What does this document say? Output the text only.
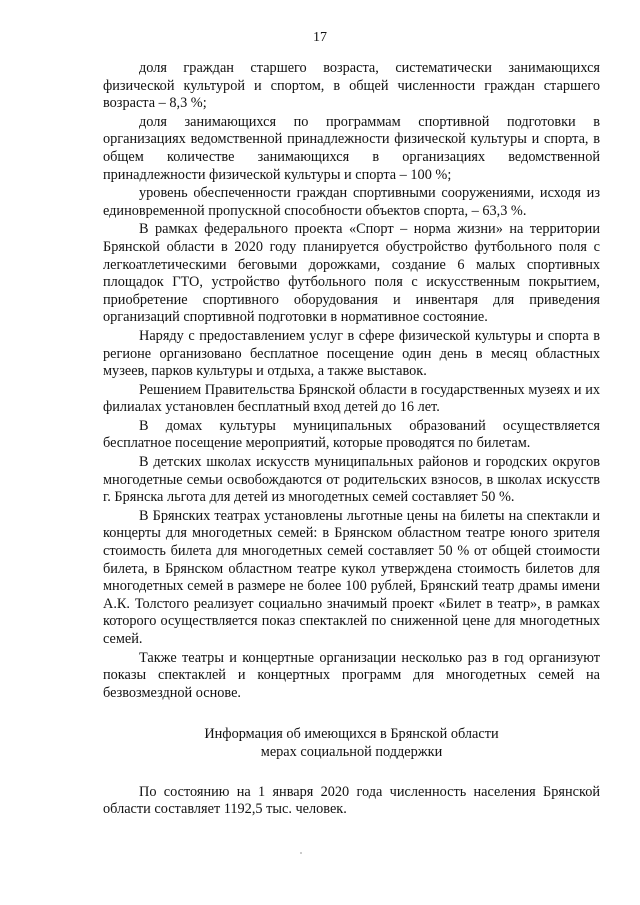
17

доля граждан старшего возраста, систематически занимающихся физической культурой и спортом, в общей численности граждан старшего возраста – 8,3 %;

доля занимающихся по программам спортивной подготовки в организациях ведомственной принадлежности физической культуры и спорта, в общем количестве занимающихся в организациях ведомственной принадлежности физической культуры и спорта – 100 %;

уровень обеспеченности граждан спортивными сооружениями, исходя из единовременной пропускной способности объектов спорта, – 63,3 %.

В рамках федерального проекта «Спорт – норма жизни» на территории Брянской области в 2020 году планируется обустройство футбольного поля с легкоатлетическими беговыми дорожками, создание 6 малых спортивных площадок ГТО, устройство футбольного поля с искусственным покрытием, приобретение спортивного оборудования и инвентаря для приведения организаций спортивной подготовки в нормативное состояние.

Наряду с предоставлением услуг в сфере физической культуры и спорта в регионе организовано бесплатное посещение один день в месяц областных музеев, парков культуры и отдыха, а также выставок.

Решением Правительства Брянской области в государственных музеях и их филиалах установлен бесплатный вход детей до 16 лет.

В домах культуры муниципальных образований осуществляется бесплатное посещение мероприятий, которые проводятся по билетам.

В детских школах искусств муниципальных районов и городских округов многодетные семьи освобождаются от родительских взносов, в школах искусств г. Брянска льгота для детей из многодетных семей составляет 50 %.

В Брянских театрах установлены льготные цены на билеты на спектакли и концерты для многодетных семей: в Брянском областном театре юного зрителя стоимость билета для многодетных семей составляет 50 % от общей стоимости билета, в Брянском областном театре кукол утверждена стоимость билетов для многодетных семей в размере не более 100 рублей, Брянский театр драмы имени А.К. Толстого реализует социально значимый проект «Билет в театр», в рамках которого осуществляется показ спектаклей по сниженной цене для многодетных семей.

Также театры и концертные организации несколько раз в год организуют показы спектаклей и концертных программ для многодетных семей на безвозмездной основе.

Информация об имеющихся в Брянской области
мерах социальной поддержки

По состоянию на 1 января 2020 года численность населения Брянской области составляет 1192,5 тыс. человек.
